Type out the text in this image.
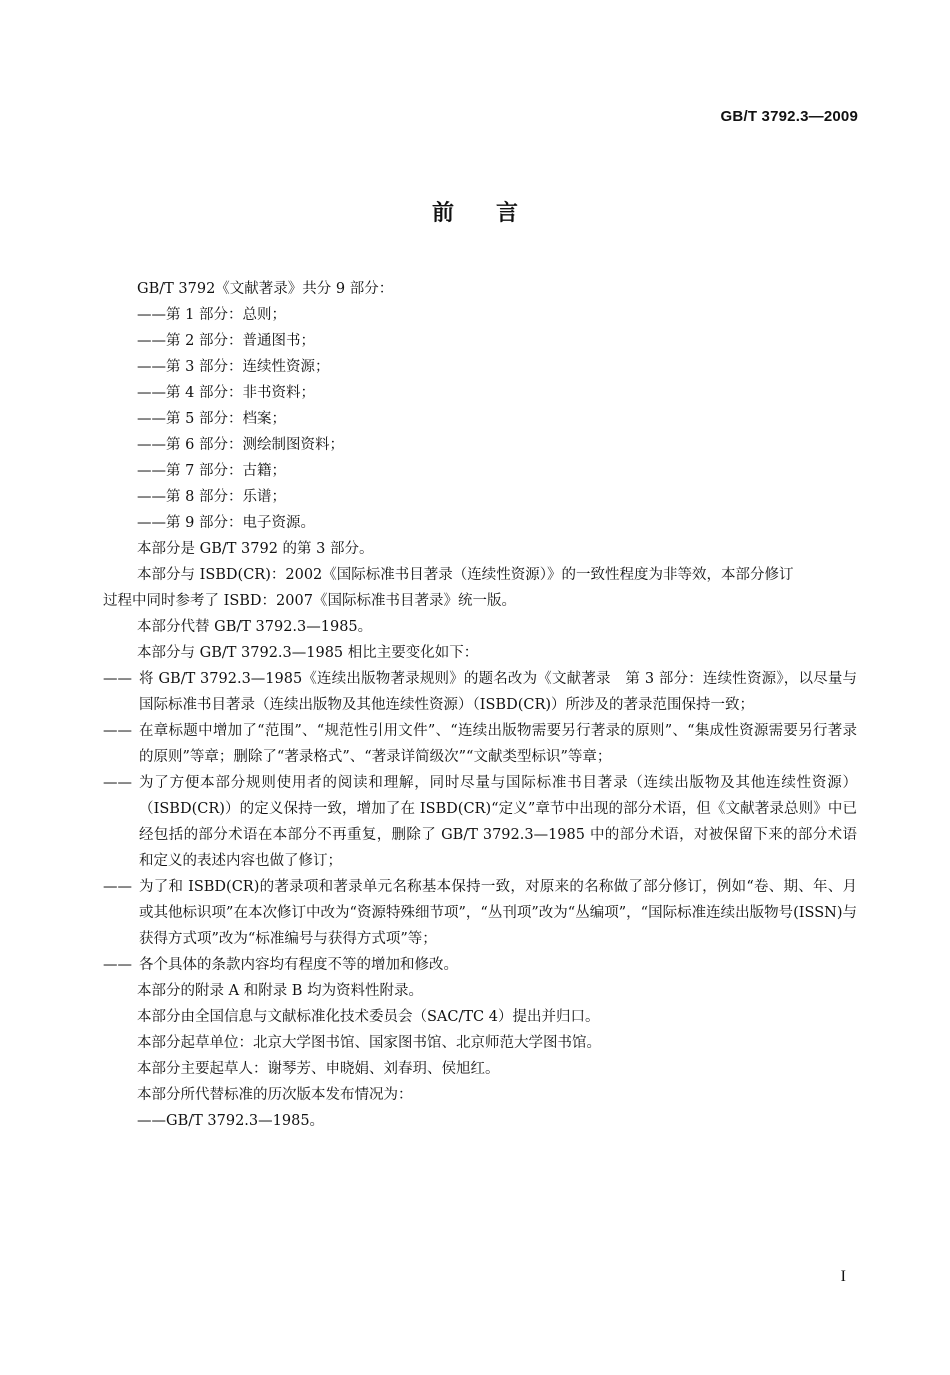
GB/T 3792.3—2009
前言
GB/T 3792《文献著录》共分 9 部分：
——第 1 部分：总则；
——第 2 部分：普通图书；
——第 3 部分：连续性资源；
——第 4 部分：非书资料；
——第 5 部分：档案；
——第 6 部分：测绘制图资料；
——第 7 部分：古籍；
——第 8 部分：乐谱；
——第 9 部分：电子资源。
本部分是 GB/T 3792 的第 3 部分。
本部分与 ISBD(CR)：2002《国际标准书目著录（连续性资源）》的一致性程度为非等效，本部分修订
过程中同时参考了 ISBD：2007《国际标准书目著录》统一版。
本部分代替 GB/T 3792.3—1985。
本部分与 GB/T 3792.3—1985 相比主要变化如下：
—— 将 GB/T 3792.3—1985《连续出版物著录规则》的题名改为《文献著录　第 3 部分：连续性资源》，以尽量与国际标准书目著录（连续出版物及其他连续性资源）（ISBD(CR)）所涉及的著录范围保持一致；
—— 在章标题中增加了“范围”、“规范性引用文件”、“连续出版物需要另行著录的原则”、“集成性资源需要另行著录的原则”等章；删除了“著录格式”、“著录详简级次”“文献类型标识”等章；
—— 为了方便本部分规则使用者的阅读和理解，同时尽量与国际标准书目著录（连续出版物及其他连续性资源）（ISBD(CR)）的定义保持一致，增加了在 ISBD(CR)“定义”章节中出现的部分术语，但《文献著录总则》中已经包括的部分术语在本部分不再重复，删除了 GB/T 3792.3—1985 中的部分术语，对被保留下来的部分术语和定义的表述内容也做了修订；
—— 为了和 ISBD(CR)的著录项和著录单元名称基本保持一致，对原来的名称做了部分修订，例如“卷、期、年、月或其他标识项”在本次修订中改为“资源特殊细节项”，“丛刊项”改为“丛编项”，“国际标准连续出版物号(ISSN)与获得方式项”改为“标准编号与获得方式项”等；
—— 各个具体的条款内容均有程度不等的增加和修改。
本部分的附录 A 和附录 B 均为资料性附录。
本部分由全国信息与文献标准化技术委员会（SAC/TC 4）提出并归口。
本部分起草单位：北京大学图书馆、国家图书馆、北京师范大学图书馆。
本部分主要起草人：谢琴芳、申晓娟、刘春玥、侯旭红。
本部分所代替标准的历次版本发布情况为：
——GB/T 3792.3—1985。
I
